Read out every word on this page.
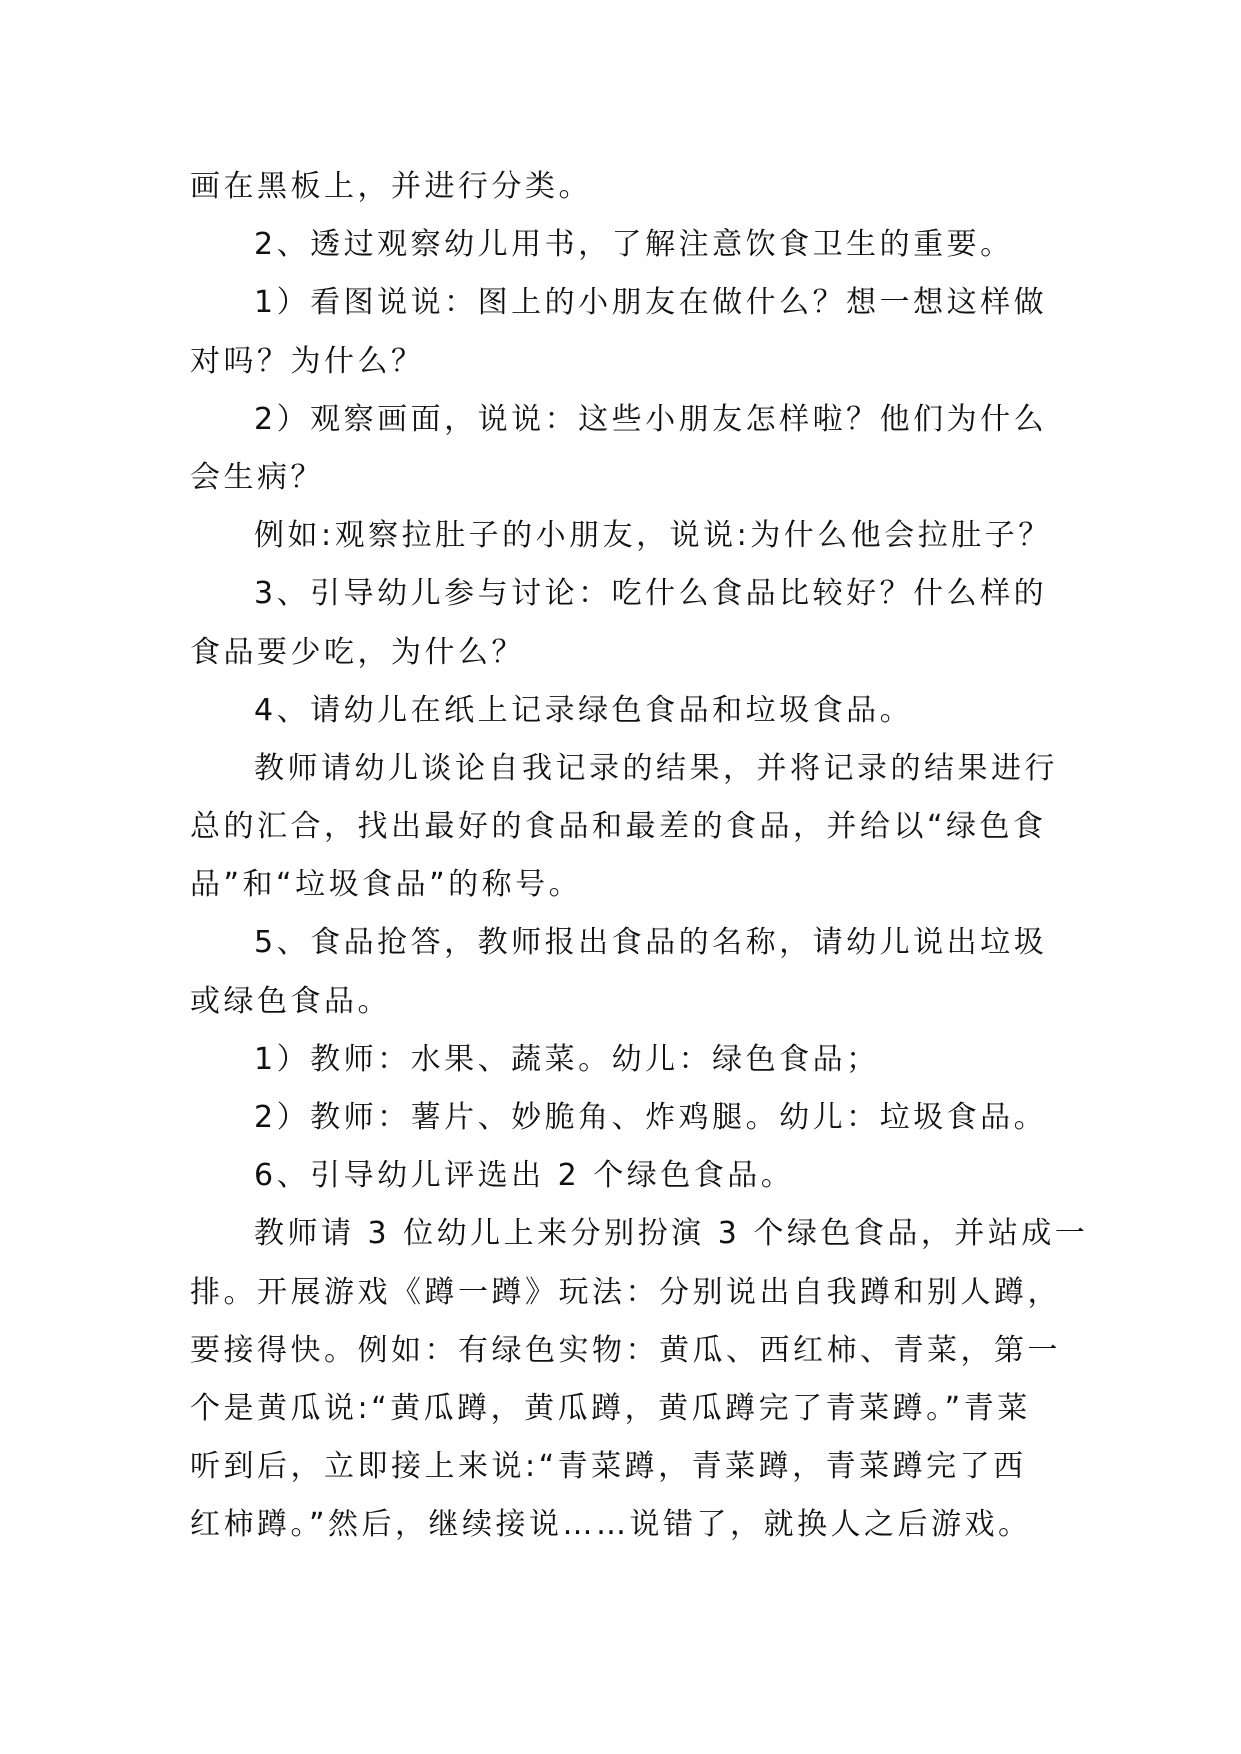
画在黑板上，并进行分类。
2、透过观察幼儿用书，了解注意饮食卫生的重要。
1）看图说说：图上的小朋友在做什么？想一想这样做
对吗？为什么？
2）观察画面，说说：这些小朋友怎样啦？他们为什么
会生病？
例如:观察拉肚子的小朋友，说说:为什么他会拉肚子？
3、引导幼儿参与讨论：吃什么食品比较好？什么样的
食品要少吃，为什么？
4、请幼儿在纸上记录绿色食品和垃圾食品。
教师请幼儿谈论自我记录的结果，并将记录的结果进行
总的汇合，找出最好的食品和最差的食品，并给以“绿色食
品”和“垃圾食品”的称号。
5、食品抢答，教师报出食品的名称，请幼儿说出垃圾
或绿色食品。
1）教师：水果、蔬菜。幼儿：绿色食品；
2）教师：薯片、妙脆角、炸鸡腿。幼儿：垃圾食品。
6、引导幼儿评选出 2 个绿色食品。
教师请 3 位幼儿上来分别扮演 3 个绿色食品，并站成一
排。开展游戏《蹲一蹲》玩法：分别说出自我蹲和别人蹲，
要接得快。例如：有绿色实物：黄瓜、西红柿、青菜，第一
个是黄瓜说:“黄瓜蹲，黄瓜蹲，黄瓜蹲完了青菜蹲。”青菜
听到后，立即接上来说:“青菜蹲，青菜蹲，青菜蹲完了西
红柿蹲。”然后，继续接说……说错了，就换人之后游戏。
